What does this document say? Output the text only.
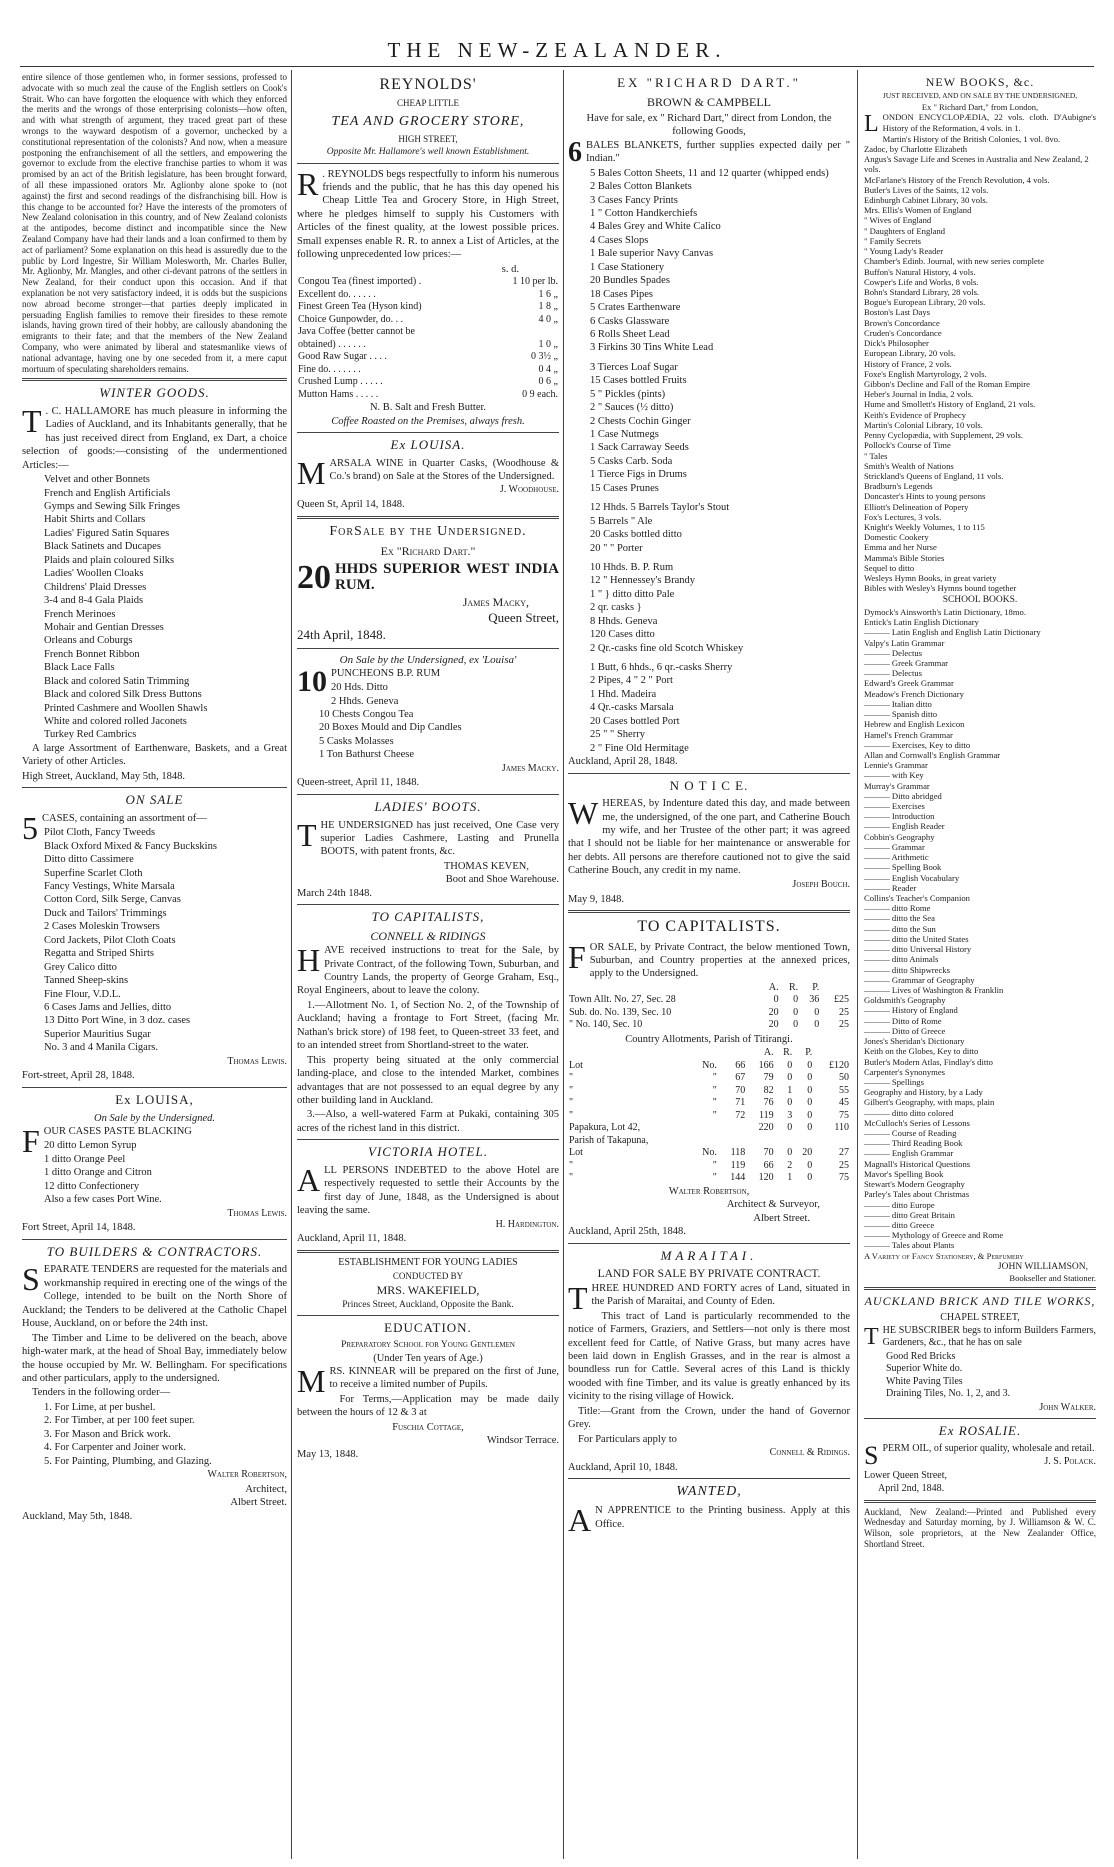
THE NEW-ZEALANDER.

entire silence of those gentlemen who, in former sessions, professed to advocate with so much zeal the cause of the English settlers on Cook's Strait. Who can have forgotten the eloquence with which they enforced the merits and the wrongs of those enterprising colonists—how often, and with what strength of argument, they traced great part of these wrongs to the wayward despotism of a governor, unchecked by a constitutional representation of the colonists? And now, when a measure postponing the enfranchisement of all the settlers, and empowering the governor to exclude from the elective franchise parties to whom it was promised by an act of the British legislature, has been brought forward, of all these impassioned orators Mr. Aglionby alone spoke to (not against) the first and second readings of the disfranchising bill. How is this change to be accounted for? Have the interests of the promoters of New Zealand colonisation in this country, and of New Zealand colonists at the antipodes, become distinct and incompatible since the New Zealand Company have had their lands and a loan confirmed to them by act of parliament? Some explanation on this head is assuredly due to the public by Lord Ingestre, Sir William Molesworth, Mr. Charles Buller, Mr. Aglionby, Mr. Mangles, and other ci-devant patrons of the settlers in New Zealand, for their conduct upon this occasion. And if that explanation be not very satisfactory indeed, it is odds but the suspicions now abroad become stronger—that parties deeply implicated in persuading English families to remove their firesides to these remote islands, having grown tired of their hobby, are callously abandoning the emigrants to their fate; and that the members of the New Zealand Company, who were animated by liberal and statesmanlike views of national advantage, having one by one seceded from it, a mere caput mortuum of speculating shareholders remains.

WINTER GOODS.

T . C. HALLAMORE has much pleasure in informing the Ladies of Auckland, and its Inhabitants generally, that he has just received direct from England, ex Dart, a choice selection of goods:—consisting of the undermentioned Articles:—

Velvet and other Bonnets
French and English Artificials
Gymps and Sewing Silk Fringes
Habit Shirts and Collars
Ladies' Figured Satin Squares
Black Satinets and Ducapes
Plaids and plain coloured Silks
Ladies' Woollen Cloaks
Childrens' Plaid Dresses
3-4 and 8-4 Gala Plaids
French Merinoes
Mohair and Gentian Dresses
Orleans and Coburgs
French Bonnet Ribbon
Black Lace Falls
Black and colored Satin Trimming
Black and colored Silk Dress Buttons
Printed Cashmere and Woollen Shawls
White and colored rolled Jaconets
Turkey Red Cambrics

A large Assortment of Earthenware, Baskets, and a Great Variety of other Articles.

High Street, Auckland, May 5th, 1848.

ON SALE

5 CASES, containing an assortment of—

Pilot Cloth, Fancy Tweeds
Black Oxford Mixed & Fancy Buckskins
Ditto ditto Cassimere
Superfine Scarlet Cloth
Fancy Vestings, White Marsala
Cotton Cord, Silk Serge, Canvas
Duck and Tailors' Trimmings
2 Cases Moleskin Trowsers
Cord Jackets, Pilot Cloth Coats
Regatta and Striped Shirts
Grey Calico ditto
Tanned Sheep-skins
Fine Flour, V.D.L.
6 Cases Jams and Jellies, ditto
13 Ditto Port Wine, in 3 doz. cases
Superior Mauritius Sugar
No. 3 and 4 Manila Cigars.

Thomas Lewis.

Fort-street, April 28, 1848.

Ex LOUISA,

On Sale by the Undersigned.

FOUR CASES PASTE BLACKING

20 ditto Lemon Syrup
1 ditto Orange Peel
1 ditto Orange and Citron
12 ditto Confectionery
Also a few cases Port Wine.

Thomas Lewis.

Fort Street, April 14, 1848.

TO BUILDERS & CONTRACTORS.

SEPARATE TENDERS are requested for the materials and workmanship required in erecting one of the wings of the College, intended to be built on the North Shore of Auckland; the Tenders to be delivered at the Catholic Chapel House, Auckland, on or before the 24th inst.

The Timber and Lime to be delivered on the beach, above high-water mark, at the head of Shoal Bay, immediately below the house occupied by Mr. W. Bellingham. For specifications and other particulars, apply to the undersigned.

Tenders in the following order—

1. For Lime, at per bushel.
2. For Timber, at per 100 feet super.
3. For Mason and Brick work.
4. For Carpenter and Joiner work.
5. For Painting, Plumbing, and Glazing.

Walter Robertson,

Architect,

Albert Street.

Auckland, May 5th, 1848.

REYNOLDS'

CHEAP LITTLE

TEA AND GROCERY STORE,

HIGH STREET,

Opposite Mr. Hallamore's well known Establishment.

R . REYNOLDS begs respectfully to inform his numerous friends and the public, that he has this day opened his Cheap Little Tea and Grocery Store, in High Street, where he pledges himself to supply his Customers with Articles of the finest quality, at the lowest possible prices. Small expenses enable R. R. to annex a List of Articles, at the following unprecedented low prices:—

s. d.

Congou Tea (finest imported) .	1 10 per lb.
Excellent do. . . . . .	1 6 „
Finest Green Tea (Hyson kind)	1 8 „
Choice Gunpowder, do. . .	4 0 „
Java Coffee (better cannot be	
obtained) . . . . . .	1 0 „
Good Raw Sugar . . . .	0 3½ „
Fine do. . . . . . .	0 4 „
Crushed Lump . . . . .	0 6 „
Mutton Hams . . . . .	0 9 each.

N. B. Salt and Fresh Butter.

Coffee Roasted on the Premises, always fresh.

Ex LOUISA.

MARSALA WINE in Quarter Casks, (Woodhouse & Co.'s brand) on Sale at the Stores of the Undersigned.

J. Woodhouse.

Queen St, April 14, 1848.

ForSale by the Undersigned.

Ex "Richard Dart."

20 HHDS SUPERIOR WEST INDIA RUM.

James Macky,

Queen Street,

24th April, 1848.

On Sale by the Undersigned, ex 'Louisa'

10 PUNCHEONS B.P. RUM

20 Hds. Ditto
2 Hhds. Geneva
10 Chests Congou Tea
20 Boxes Mould and Dip Candles
5 Casks Molasses
1 Ton Bathurst Cheese

James Macky.

Queen-street, April 11, 1848.

LADIES' BOOTS.

THE UNDERSIGNED has just received, One Case very superior Ladies Cashmere, Lasting and Prunella BOOTS, with patent fronts, &c.

THOMAS KEVEN,

Boot and Shoe Warehouse.

March 24th 1848.

TO CAPITALISTS,

CONNELL & RIDINGS

HAVE received instructions to treat for the Sale, by Private Contract, of the following Town, Suburban, and Country Lands, the property of George Graham, Esq., Royal Engineers, about to leave the colony.

1.—Allotment No. 1, of Section No. 2, of the Township of Auckland; having a frontage to Fort Street, (facing Mr. Nathan's brick store) of 198 feet, to Queen-street 33 feet, and to an intended street from Shortland-street to the water.

This property being situated at the only commercial landing-place, and close to the intended Market, combines advantages that are not possessed to an equal degree by any other building land in Auckland.

3.—Also, a well-watered Farm at Pukaki, containing 305 acres of the richest land in this district.

VICTORIA HOTEL.

ALL PERSONS INDEBTED to the above Hotel are respectively requested to settle their Accounts by the first day of June, 1848, as the Undersigned is about leaving the same.

H. Hardington.

Auckland, April 11, 1848.

ESTABLISHMENT FOR YOUNG LADIES

CONDUCTED BY

MRS. WAKEFIELD,

Princes Street, Auckland, Opposite the Bank.

EDUCATION.

Preparatory School for Young Gentlemen

(Under Ten years of Age.)

MRS. KINNEAR will be prepared on the first of June, to receive a limited number of Pupils.

For Terms,—Application may be made daily between the hours of 12 & 3 at

Fuschia Cottage,

Windsor Terrace.

May 13, 1848.

EX "RICHARD DART."

BROWN & CAMPBELL

Have for sale, ex " Richard Dart," direct from London, the following Goods,

6 BALES BLANKETS, further supplies expected daily per " Indian."

5 Bales Cotton Sheets, 11 and 12 quarter (whipped ends)
2 Bales Cotton Blankets
3 Cases Fancy Prints
1 " Cotton Handkerchiefs
4 Bales Grey and White Calico
4 Cases Slops
1 Bale superior Navy Canvas
1 Case Stationery
20 Bundles Spades
18 Cases Pipes
5 Crates Earthenware
6 Casks Glassware
6 Rolls Sheet Lead
3 Firkins 30 Tins White Lead
3 Tierces Loaf Sugar
15 Cases bottled Fruits
5 " Pickles (pints)
2 " Sauces (½ ditto)
2 Chests Cochin Ginger
1 Case Nutmegs
1 Sack Carraway Seeds
5 Casks Carb. Soda
1 Tierce Figs in Drums
15 Cases Prunes
12 Hhds. 5 Barrels Taylor's Stout
5 Barrels " Ale
20 Casks bottled ditto
20 " " Porter
10 Hhds. B. P. Rum
12 " Hennessey's Brandy
1 " } ditto ditto Pale
2 qr. casks }
8 Hhds. Geneva
120 Cases ditto
2 Qr.-casks fine old Scotch Whiskey
1 Butt, 6 hhds., 6 qr.-casks Sherry
2 Pipes, 4 " 2 " Port
1 Hhd. Madeira
4 Qr.-casks Marsala
20 Cases bottled Port
25 " " Sherry
2 " Fine Old Hermitage

Auckland, April 28, 1848.

N O T I C E.

WHEREAS, by Indenture dated this day, and made between me, the undersigned, of the one part, and Catherine Bouch my wife, and her Trustee of the other part; it was agreed that I should not be liable for her maintenance or answerable for her debts. All persons are therefore cautioned not to give the said Catherine Bouch, any credit in my name.

Joseph Bouch.

May 9, 1848.

TO CAPITALISTS.

FOR SALE, by Private Contract, the below mentioned Town, Suburban, and Country properties at the annexed prices, apply to the Undersigned.

	A.	R.	P.	
Town Allt. No. 27, Sec. 28	0	0	36	£25
Sub. do. No. 139, Sec. 10	20	0	0	25
" No. 140, Sec. 10	20	0	0	25

Country Allotments, Parish of Titirangi.

			A.	R.	P.	
Lot	No.	66	166	0	0	£120
"	"	67	79	0	0	50
"	"	70	82	1	0	55
"	"	71	76	0	0	45
"	"	72	119	3	0	75
Papakura, Lot 42,			220	0	0	110
Parish of Takapuna,						
Lot	No.	118	70	0	20	27
"	"	119	66	2	0	25
"	"	144	120	1	0	75

Walter Robertson,

Architect & Surveyor,

Albert Street.

Auckland, April 25th, 1848.

MARAITAI.

LAND FOR SALE BY PRIVATE CONTRACT.

THREE HUNDRED AND FORTY acres of Land, situated in the Parish of Maraitai, and County of Eden.

This tract of Land is particularly recommended to the notice of Farmers, Graziers, and Settlers—not only is there most excellent feed for Cattle, of Native Grass, but many acres have been laid down in English Grasses, and in the rear is almost a boundless run for Cattle. Several acres of this Land is thickly wooded with fine Timber, and its value is greatly enhanced by its vicinity to the rising village of Howick.

Title:—Grant from the Crown, under the hand of Governor Grey.

For Particulars apply to

Connell & Ridings.

Auckland, April 10, 1848.

WANTED,

A N APPRENTICE to the Printing business. Apply at this Office.

NEW BOOKS, &c.

JUST RECEIVED, AND ON SALE BY THE UNDERSIGNED,

Ex " Richard Dart," from London,

LONDON ENCYCLOPÆDIA, 22 vols. cloth. D'Aubigne's History of the Reformation, 4 vols. in 1.

Martin's History of the British Colonies, 1 vol. 8vo.
Zadoc, by Charlotte Elizabeth
Angus's Savage Life and Scenes in Australia and New Zealand, 2 vols.
McFarlane's History of the French Revolution, 4 vols.
Butler's Lives of the Saints, 12 vols.
Edinburgh Cabinet Library, 30 vols.
Mrs. Ellis's Women of England
" Wives of England
" Daughters of England
" Family Secrets
" Young Lady's Reader
Chamber's Edinb. Journal, with new series complete
Buffon's Natural History, 4 vols.
Cowper's Life and Works, 8 vols.
Bohn's Standard Library, 28 vols.
Bogue's European Library, 20 vols.
Boston's Last Days
Brown's Concordance
Cruden's Concordance
Dick's Philosopher
European Library, 20 vols.
History of France, 2 vols.
Foxe's English Martyrology, 2 vols.
Gibbon's Decline and Fall of the Roman Empire
Heber's Journal in India, 2 vols.
Hume and Smollett's History of England, 21 vols.
Keith's Evidence of Prophecy
Martin's Colonial Library, 10 vols.
Penny Cyclopædia, with Supplement, 29 vols.
Pollock's Course of Time
" Tales
Smith's Wealth of Nations
Strickland's Queens of England, 11 vols.
Bradburn's Legends
Doncaster's Hints to young persons
Elliott's Delineation of Popery
Fox's Lectures, 3 vols.
Knight's Weekly Volumes, 1 to 115
Domestic Cookery
Emma and her Nurse
Mamma's Bible Stories
Sequel to ditto
Wesleys Hymn Books, in great variety
Bibles with Wesley's Hymns bound together

SCHOOL BOOKS.

Dymock's Ainsworth's Latin Dictionary, 18mo.
Entick's Latin English Dictionary
——— Latin English and English Latin Dictionary
Valpy's Latin Grammar
——— Delectus
——— Greek Grammar
——— Delectus
Edward's Greek Grammar
Meadow's French Dictionary
——— Italian ditto
——— Spanish ditto
Hebrew and English Lexicon
Hamel's French Grammar
——— Exercises, Key to ditto
Allan and Cornwall's English Grammar
Lennie's Grammar
——— with Key
Murray's Grammar
——— Ditto abridged
——— Exercises
——— Introduction
——— English Reader
Cobbin's Geography
——— Grammar
——— Arithmetic
——— Spelling Book
——— English Vocabulary
——— Reader
Collins's Teacher's Companion
——— ditto Rome
——— ditto the Sea
——— ditto the Sun
——— ditto the United States
——— ditto Universal History
——— ditto Animals
——— ditto Shipwrecks
——— Grammar of Geography
——— Lives of Washington & Franklin
Goldsmith's Geography
——— History of England
——— Ditto of Rome
——— Ditto of Greece
Jones's Sheridan's Dictionary
Keith on the Globes, Key to ditto
Butler's Modern Atlas, Findlay's ditto
Carpenter's Synonymes
——— Spellings
Geography and History, by a Lady
Gilbert's Geography, with maps, plain
——— ditto ditto colored
McCulloch's Series of Lessons
——— Course of Reading
——— Third Reading Book
——— English Grammar
Magnall's Historical Questions
Mavor's Spelling Book
Stewart's Modern Geography
Parley's Tales about Christmas
——— ditto Europe
——— ditto Great Britain
——— ditto Greece
——— Mythology of Greece and Rome
——— Tales about Plants

A Variety of Fancy Stationery, & Perfumery

JOHN WILLIAMSON,

Bookseller and Stationer.

AUCKLAND BRICK AND TILE WORKS,

CHAPEL STREET,

THE SUBSCRIBER begs to inform Builders Farmers, Gardeners, &c., that he has on sale

Good Red Bricks
Superior White do.
White Paving Tiles
Draining Tiles, No. 1, 2, and 3.

John Walker.

Ex ROSALIE.

SPERM OIL, of superior quality, wholesale and retail.

J. S. Polack.

Lower Queen Street,

April 2nd, 1848.

Auckland, New Zealand:—Printed and Published every Wednesday and Saturday morning, by J. Williamson & W. C. Wilson, sole proprietors, at the New Zealander Office, Shortland Street.
